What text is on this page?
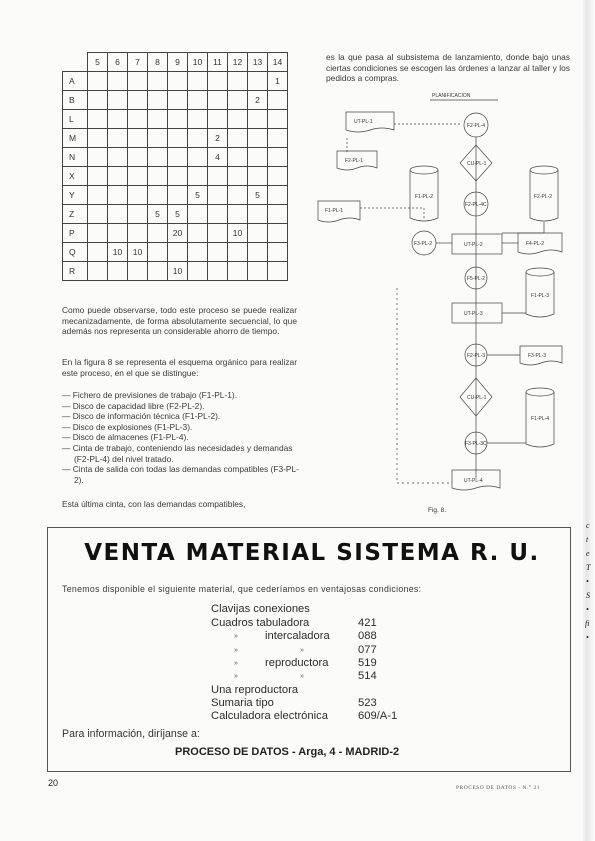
	5	6	7	8	9	10	11	12	13	14
A										1
B									2	
L										
M							2			
N							4			
X										
Y						5			5	
Z				5	5					
P					20			10		
Q		10	10							
R					10					
Como puede observarse, todo este proceso se puede realizar mecanizadamente, de forma absolutamente secuencial, lo que además nos representa un considerable ahorro de tiempo.
En la figura 8 se representa el esquema orgánico para realizar este proceso, en el que se distingue:
— Fichero de previsiones de trabajo (F1-PL-1).
— Disco de capacidad libre (F2-PL-2).
— Disco de información técnica (F1-PL-2).
— Disco de explosiones (F1-PL-3).
— Disco de almacenes (F1-PL-4).
— Cinta de trabajo, conteniendo las necesidades y demandas (F2-PL-4) del nivel tratado.
— Cinta de salida con todas las demandas compatibles (F3-PL-2).
Esta última cinta, con las demandas compatibles,
es la que pasa al subsistema de lanzamiento, donde bajo unas ciertas condiciones se escogen las órdenes a lanzar al taller y los pedidos a compras.
PLANIFICACION
UT-PL-1
F2-PL-4
F2-PL-1	CU-PL-1
F1-PL-1
F1-PL-2
F2-PL-4C
F2-PL-2
F3-PL-2	UT-PL-2	F4-PL-2
F5-PL-2
F1-PL-3
UT-PL-3
F2-PL-3	F3-PL-3
CU-PL-1
F1-PL-4
F3-PL-3C
UT-PL-4
Fig. 8.
VENTA MATERIAL SISTEMA R. U.
Tenemos disponible el siguiente material, que cederíamos en ventajosas condiciones:
Clavijas conexiones
Cuadros tabuladora	421
» intercaladora	088
»	»	077
» reproductora	519
»	»	514
Una reproductora
Sumaria tipo	523
Calculadora electrónica	609/A-1
Para información, diríjanse a:
PROCESO DE DATOS - Arga, 4 - MADRID-2
20	PROCESO DE DATOS - N.° 21
c
t
e
T
•
S
•
fi
•
